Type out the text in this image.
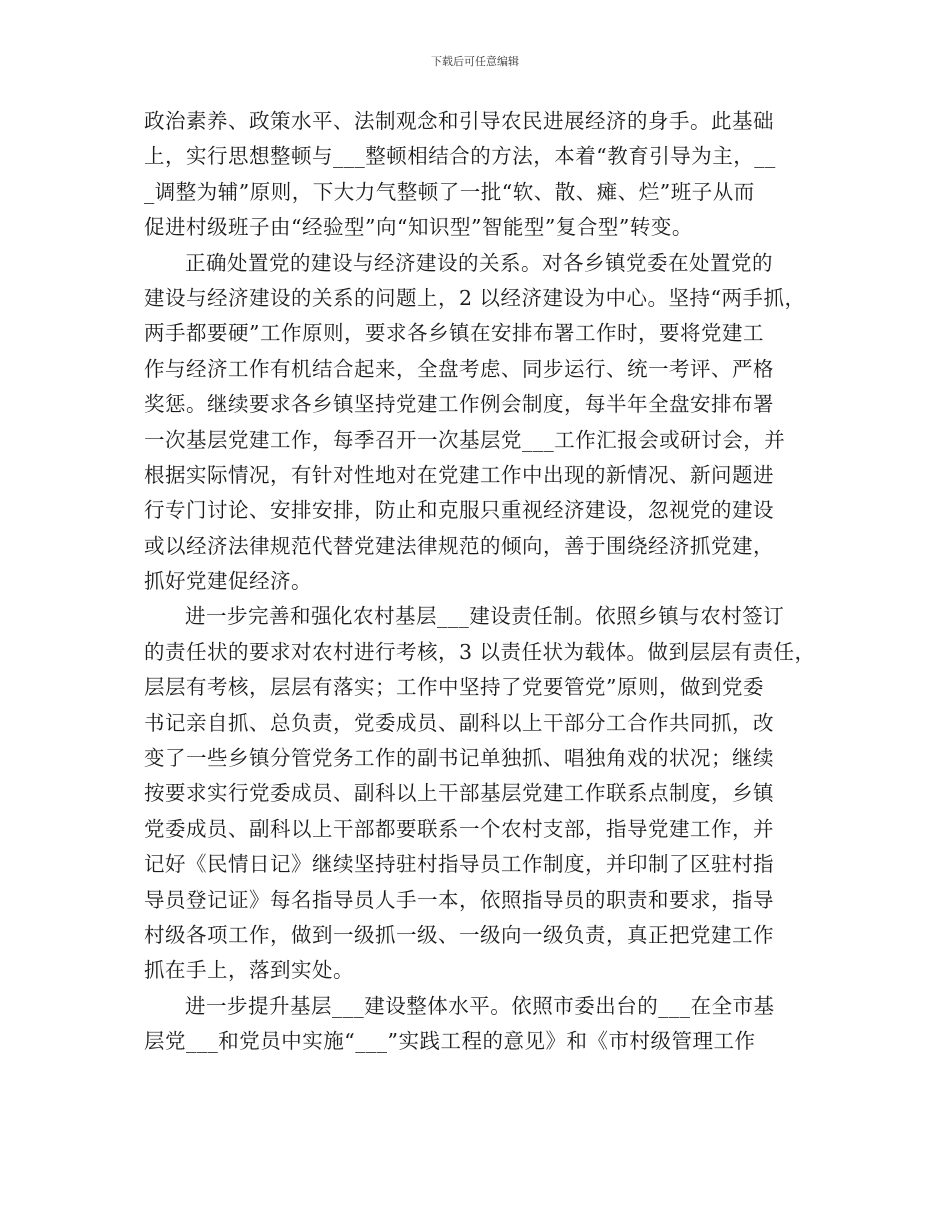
下载后可任意编辑
政治素养、政策水平、法制观念和引导农民进展经济的身手。此基础
上，实行思想整顿与___整顿相结合的方法，本着“教育引导为主，__
_调整为辅”原则，下大力气整顿了一批“软、散、瘫、烂”班子从而
促进村级班子由“经验型”向“知识型”智能型”复合型”转变。
正确处置党的建设与经济建设的关系。对各乡镇党委在处置党的
建设与经济建设的关系的问题上，2 以经济建设为中心。坚持“两手抓，
两手都要硬”工作原则，要求各乡镇在安排布署工作时，要将党建工
作与经济工作有机结合起来，全盘考虑、同步运行、统一考评、严格
奖惩。继续要求各乡镇坚持党建工作例会制度，每半年全盘安排布署
一次基层党建工作，每季召开一次基层党___工作汇报会或研讨会，并
根据实际情况，有针对性地对在党建工作中出现的新情况、新问题进
行专门讨论、安排安排，防止和克服只重视经济建设，忽视党的建设
或以经济法律规范代替党建法律规范的倾向，善于围绕经济抓党建，
抓好党建促经济。
进一步完善和强化农村基层___建设责任制。依照乡镇与农村签订
的责任状的要求对农村进行考核，3 以责任状为载体。做到层层有责任，
层层有考核，层层有落实；工作中坚持了党要管党”原则，做到党委
书记亲自抓、总负责，党委成员、副科以上干部分工合作共同抓，改
变了一些乡镇分管党务工作的副书记单独抓、唱独角戏的状况；继续
按要求实行党委成员、副科以上干部基层党建工作联系点制度，乡镇
党委成员、副科以上干部都要联系一个农村支部，指导党建工作，并
记好《民情日记》继续坚持驻村指导员工作制度，并印制了区驻村指
导员登记证》每名指导员人手一本，依照指导员的职责和要求，指导
村级各项工作，做到一级抓一级、一级向一级负责，真正把党建工作
抓在手上，落到实处。
进一步提升基层___建设整体水平。依照市委出台的___在全市基
层党___和党员中实施“___”实践工程的意见》和《市村级管理工作
